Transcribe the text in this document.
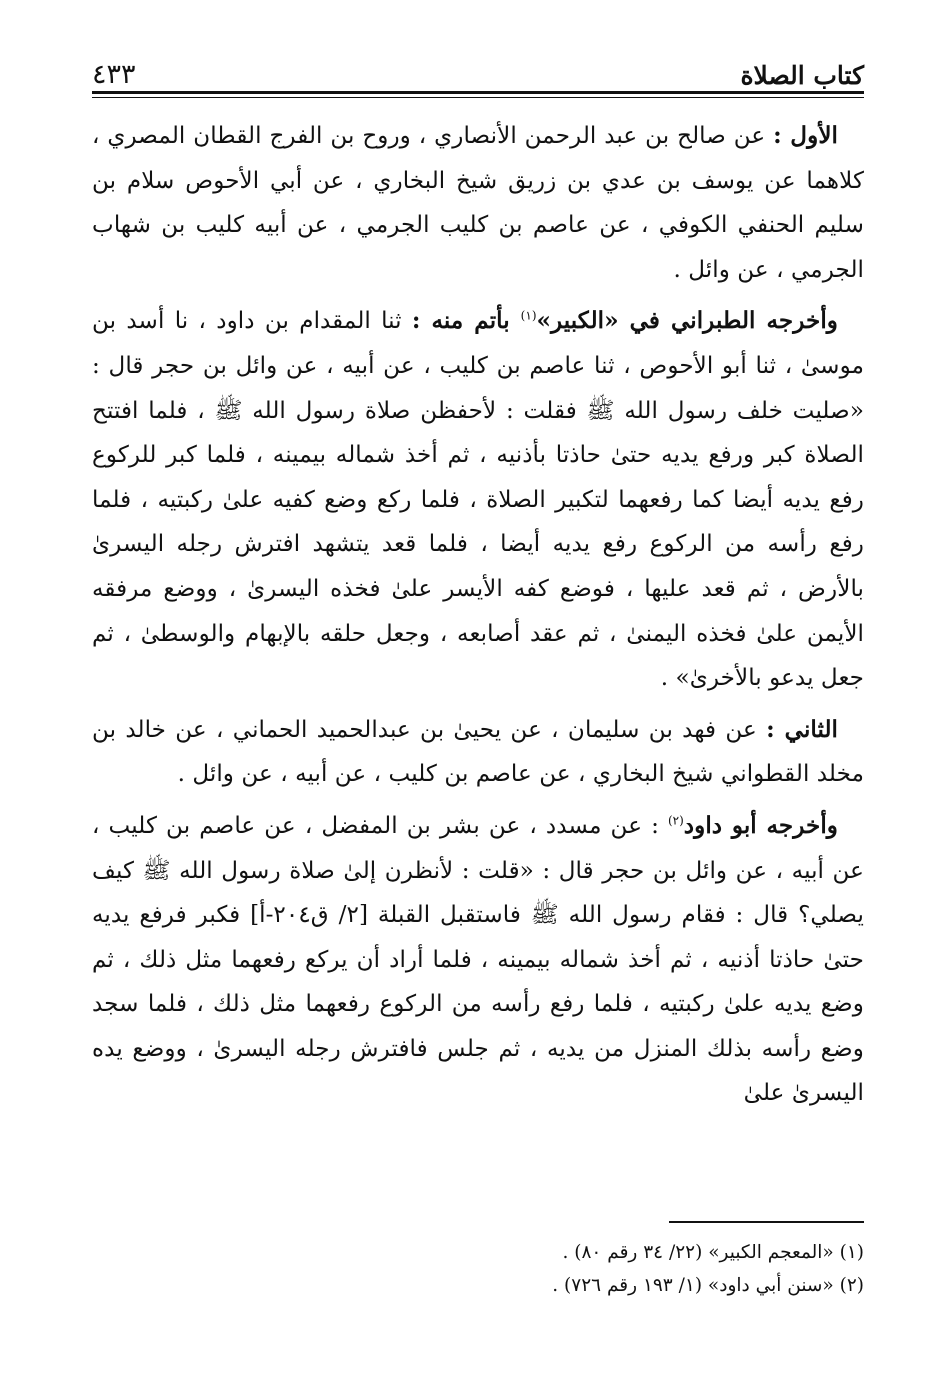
كتاب الصلاة
٤٣٣

الأول : عن صالح بن عبد الرحمن الأنصاري ، وروح بن الفرج القطان المصري ، كلاهما عن يوسف بن عدي بن زريق شيخ البخاري ، عن أبي الأحوص سلام بن سليم الحنفي الكوفي ، عن عاصم بن كليب الجرمي ، عن أبيه كليب بن شهاب الجرمي ، عن وائل .

وأخرجه الطبراني في «الكبير»$^{(١)}$ بأتم منه : ثنا المقدام بن داود ، نا أسد بن موسىٰ ، ثنا أبو الأحوص ، ثنا عاصم بن كليب ، عن أبيه ، عن وائل بن حجر قال : «صليت خلف رسول الله ﷺ فقلت : لأحفظن صلاة رسول الله ﷺ ، فلما افتتح الصلاة كبر ورفع يديه حتىٰ حاذتا بأذنيه ، ثم أخذ شماله بيمينه ، فلما كبر للركوع رفع يديه أيضا كما رفعهما لتكبير الصلاة ، فلما ركع وضع كفيه علىٰ ركبتيه ، فلما رفع رأسه من الركوع رفع يديه أيضا ، فلما قعد يتشهد افترش رجله اليسرىٰ بالأرض ، ثم قعد عليها ، فوضع كفه الأيسر علىٰ فخذه اليسرىٰ ، ووضع مرفقه الأيمن علىٰ فخذه اليمنىٰ ، ثم عقد أصابعه ، وجعل حلقه بالإبهام والوسطىٰ ، ثم جعل يدعو بالأخرىٰ» .

الثاني : عن فهد بن سليمان ، عن يحيىٰ بن عبدالحميد الحماني ، عن خالد بن مخلد القطواني شيخ البخاري ، عن عاصم بن كليب ، عن أبيه ، عن وائل .

وأخرجه أبو داود$^{(٢)}$ : عن مسدد ، عن بشر بن المفضل ، عن عاصم بن كليب ، عن أبيه ، عن وائل بن حجر قال : «قلت : لأنظرن إلىٰ صلاة رسول الله ﷺ كيف يصلي؟ قال : فقام رسول الله ﷺ فاستقبل القبلة [٢/ ق٢٠٤-أ] فكبر فرفع يديه حتىٰ حاذتا أذنيه ، ثم أخذ شماله بيمينه ، فلما أراد أن يركع رفعهما مثل ذلك ، ثم وضع يديه علىٰ ركبتيه ، فلما رفع رأسه من الركوع رفعهما مثل ذلك ، فلما سجد وضع رأسه بذلك المنزل من يديه ، ثم جلس فافترش رجله اليسرىٰ ، ووضع يده اليسرىٰ علىٰ

(١) «المعجم الكبير» (٢٢/ ٣٤ رقم ٨٠) .

(٢) «سنن أبي داود» (١/ ١٩٣ رقم ٧٢٦) .
